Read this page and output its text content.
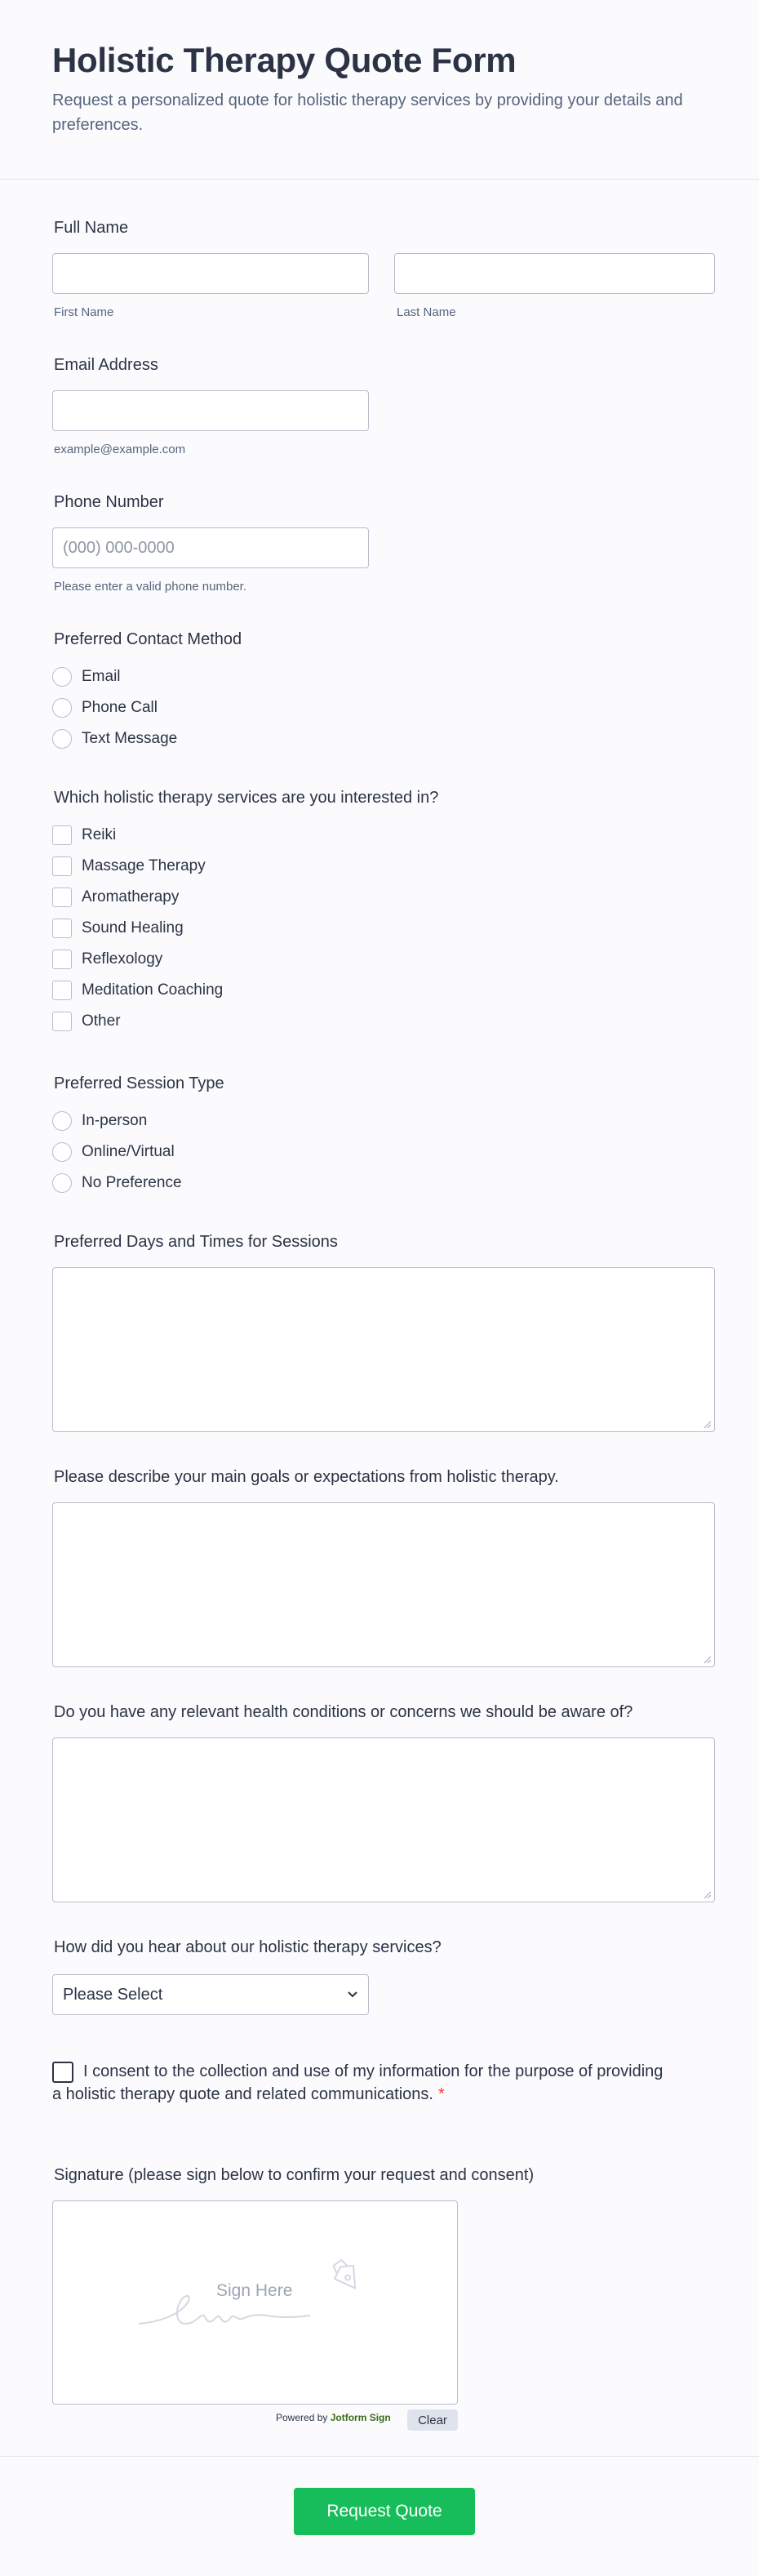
Holistic Therapy Quote Form
Request a personalized quote for holistic therapy services by providing your details and preferences.
Full Name
First Name	Last Name
Email Address
example@example.com
Phone Number
(000) 000-0000
Please enter a valid phone number.
Preferred Contact Method
Email
Phone Call
Text Message
Which holistic therapy services are you interested in?
Reiki
Massage Therapy
Aromatherapy
Sound Healing
Reflexology
Meditation Coaching
Other
Preferred Session Type
In-person
Online/Virtual
No Preference
Preferred Days and Times for Sessions
Please describe your main goals or expectations from holistic therapy.
Do you have any relevant health conditions or concerns we should be aware of?
How did you hear about our holistic therapy services?
Please Select
I consent to the collection and use of my information for the purpose of providing a holistic therapy quote and related communications. *
Signature (please sign below to confirm your request and consent)
Sign Here
Powered by Jotform Sign	Clear
Request Quote
